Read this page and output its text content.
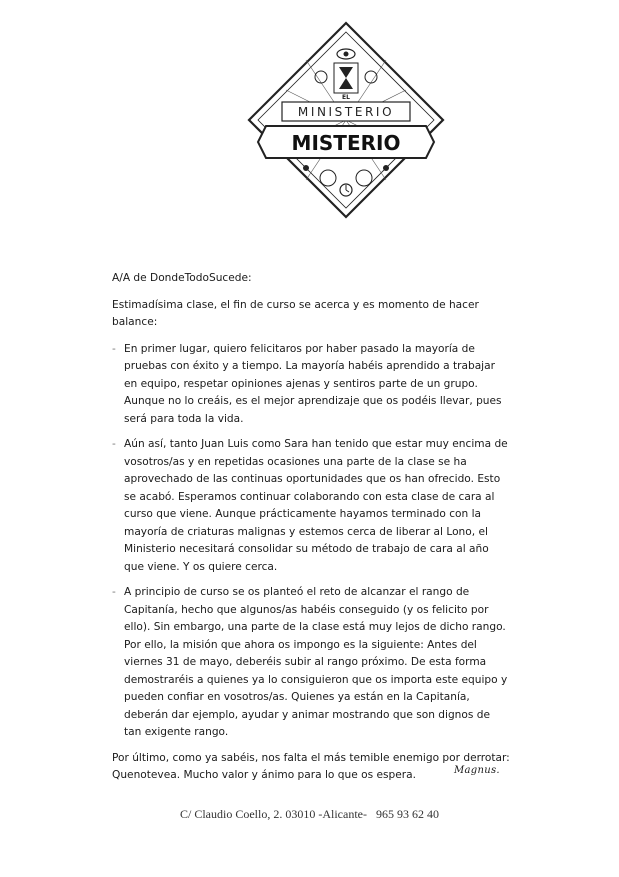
EL
MINISTERIO
MISTERIO

A/A de DondeTodoSucede:

Estimadísima clase, el fin de curso se acerca y es momento de hacer balance:

- En primer lugar, quiero felicitaros por haber pasado la mayoría de pruebas con éxito y a tiempo. La mayoría habéis aprendido a trabajar en equipo, respetar opiniones ajenas y sentiros parte de un grupo. Aunque no lo creáis, es el mejor aprendizaje que os podéis llevar, pues será para toda la vida.
- Aún así, tanto Juan Luis como Sara han tenido que estar muy encima de vosotros/as y en repetidas ocasiones una parte de la clase se ha aprovechado de las continuas oportunidades que os han ofrecido. Esto se acabó. Esperamos continuar colaborando con esta clase de cara al curso que viene. Aunque prácticamente hayamos terminado con la mayoría de criaturas malignas y estemos cerca de liberar al Lono, el Ministerio necesitará consolidar su método de trabajo de cara al año que viene. Y os quiere cerca.
- A principio de curso se os planteó el reto de alcanzar el rango de Capitanía, hecho que algunos/as habéis conseguido (y os felicito por ello). Sin embargo, una parte de la clase está muy lejos de dicho rango. Por ello, la misión que ahora os impongo es la siguiente: Antes del viernes 31 de mayo, deberéis subir al rango próximo. De esta forma demostraréis a quienes ya lo consiguieron que os importa este equipo y pueden confiar en vosotros/as. Quienes ya están en la Capitanía, deberán dar ejemplo, ayudar y animar mostrando que son dignos de tan exigente rango.

Por último, como ya sabéis, nos falta el más temible enemigo por derrotar: Quenotevea. Mucho valor y ánimo para lo que os espera.	Magnus.
C/ Claudio Coello, 2. 03010 -Alicante-   965 93 62 40
